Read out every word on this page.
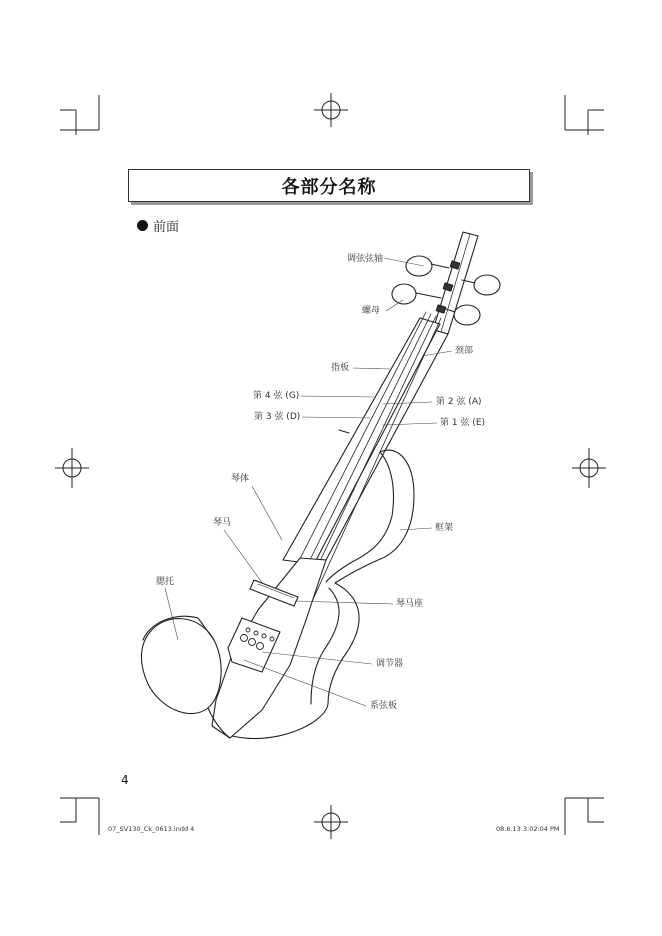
各部分名称
前面
调弦弦轴
螺母
颈部
指板
第 4 弦 (G)
第 2 弦 (A)
第 3 弦 (D)
第 1 弦 (E)
琴体
框架
琴马
腮托
琴马座
调节器
系弦板
4
07_SV130_Ck_0613.indd 4	08.6.13 3:02:04 PM
